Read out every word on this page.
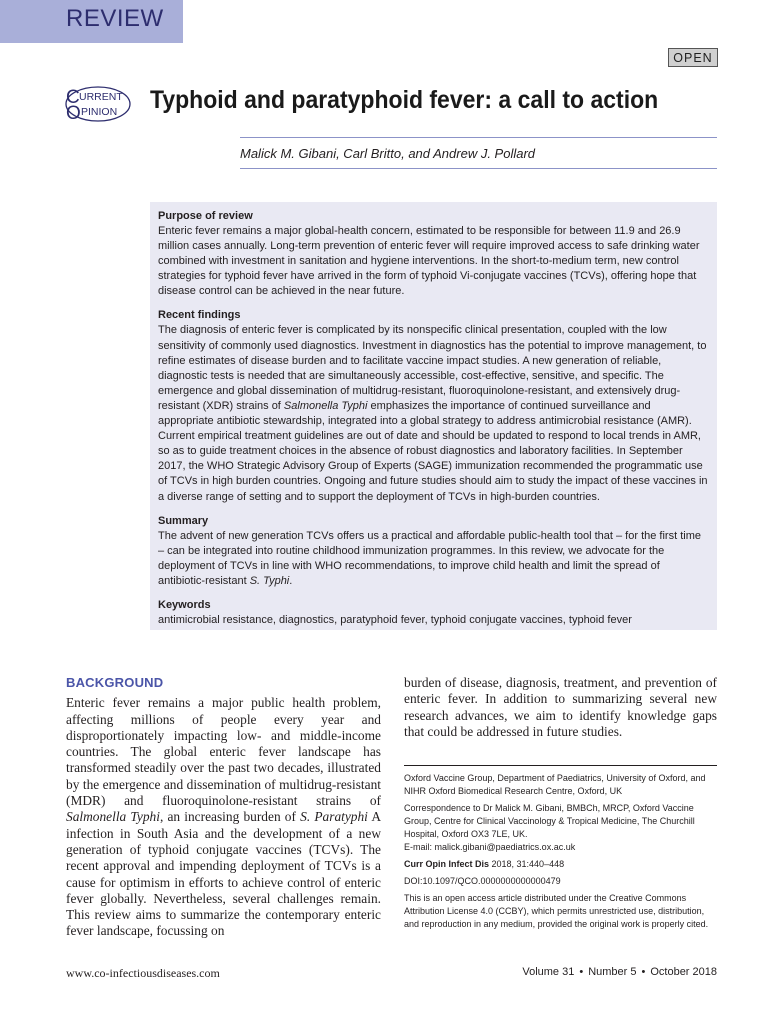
REVIEW
OPEN
C
O
URRENT
PINION Typhoid and paratyphoid fever: a call to action
Malick M. Gibani, Carl Britto, and Andrew J. Pollard
Purpose of review

Enteric fever remains a major global-health concern, estimated to be responsible for between 11.9 and 26.9 million cases annually. Long-term prevention of enteric fever will require improved access to safe drinking water combined with investment in sanitation and hygiene interventions. In the short-to-medium term, new control strategies for typhoid fever have arrived in the form of typhoid Vi-conjugate vaccines (TCVs), offering hope that disease control can be achieved in the near future.

Recent findings

The diagnosis of enteric fever is complicated by its nonspecific clinical presentation, coupled with the low sensitivity of commonly used diagnostics. Investment in diagnostics has the potential to improve management, to refine estimates of disease burden and to facilitate vaccine impact studies. A new generation of reliable, diagnostic tests is needed that are simultaneously accessible, cost-effective, sensitive, and specific. The emergence and global dissemination of multidrug-resistant, fluoroquinolone-resistant, and extensively drug-resistant (XDR) strains of Salmonella Typhi emphasizes the importance of continued surveillance and appropriate antibiotic stewardship, integrated into a global strategy to address antimicrobial resistance (AMR). Current empirical treatment guidelines are out of date and should be updated to respond to local trends in AMR, so as to guide treatment choices in the absence of robust diagnostics and laboratory facilities. In September 2017, the WHO Strategic Advisory Group of Experts (SAGE) immunization recommended the programmatic use of TCVs in high burden countries. Ongoing and future studies should aim to study the impact of these vaccines in a diverse range of setting and to support the deployment of TCVs in high-burden countries.

Summary

The advent of new generation TCVs offers us a practical and affordable public-health tool that – for the first time – can be integrated into routine childhood immunization programmes. In this review, we advocate for the deployment of TCVs in line with WHO recommendations, to improve child health and limit the spread of antibiotic-resistant S. Typhi.

Keywords

antimicrobial resistance, diagnostics, paratyphoid fever, typhoid conjugate vaccines, typhoid fever

BACKGROUND

Enteric fever remains a major public health problem, affecting millions of people every year and disproportionately impacting low- and middle-income countries. The global enteric fever landscape has transformed steadily over the past two decades, illustrated by the emergence and dissemination of multidrug-resistant (MDR) and fluoroquinolone-resistant strains of Salmonella Typhi, an increasing burden of S. Paratyphi A infection in South Asia and the development of a new generation of typhoid conjugate vaccines (TCVs). The recent approval and impending deployment of TCVs is a cause for optimism in efforts to achieve control of enteric fever globally. Nevertheless, several challenges remain. This review aims to summarize the contemporary enteric fever landscape, focussing on

burden of disease, diagnosis, treatment, and prevention of enteric fever. In addition to summarizing several new research advances, we aim to identify knowledge gaps that could be addressed in future studies.

Oxford Vaccine Group, Department of Paediatrics, University of Oxford, and NIHR Oxford Biomedical Research Centre, Oxford, UK

Correspondence to Dr Malick M. Gibani, BMBCh, MRCP, Oxford Vaccine Group, Centre for Clinical Vaccinology & Tropical Medicine, The Churchill Hospital, Oxford OX3 7LE, UK.

E-mail: malick.gibani@paediatrics.ox.ac.uk

Curr Opin Infect Dis 2018, 31:440–448

DOI:10.1097/QCO.0000000000000479

This is an open access article distributed under the Creative Commons Attribution License 4.0 (CCBY), which permits unrestricted use, distribution, and reproduction in any medium, provided the original work is properly cited.

www.co-infectiousdiseases.com	Volume 31 • Number 5 • October 2018
